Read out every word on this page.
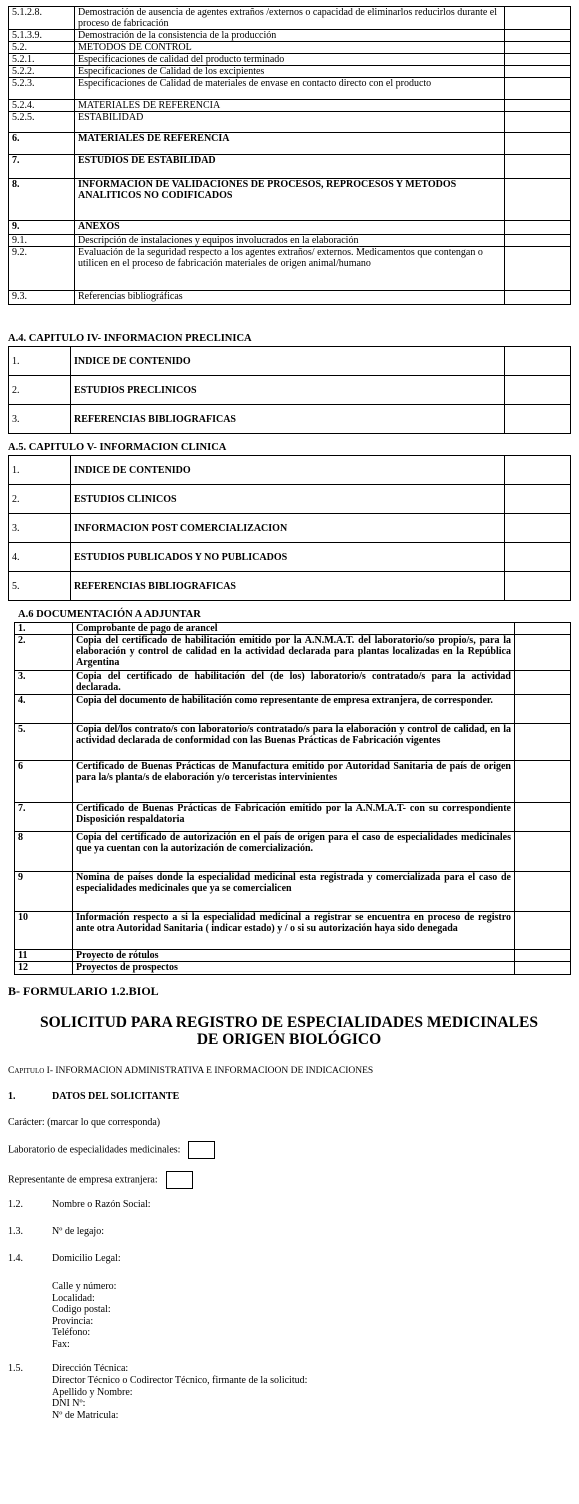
5.1.2.8.	Demostración de ausencia de agentes extraños /externos o capacidad de eliminarlos reducirlos durante el proceso de fabricación	
5.1.3.9.	Demostración de la consistencia de la producción	
5.2.	METODOS DE CONTROL	
5.2.1.	Especificaciones de calidad del producto terminado	
5.2.2.	Especificaciones de Calidad de los excipientes	
5.2.3.	Especificaciones de Calidad de materiales de envase en contacto directo con el producto	
5.2.4.	MATERIALES DE REFERENCIA	
5.2.5.	ESTABILIDAD	
6.	MATERIALES DE REFERENCIA	
7.	ESTUDIOS DE ESTABILIDAD	
8.	INFORMACION DE VALIDACIONES DE PROCESOS, REPROCESOS Y METODOS ANALITICOS NO CODIFICADOS	
9.	ANEXOS	
9.1.	Descripción de instalaciones y equipos involucrados en la elaboración	
9.2.	Evaluación de la seguridad respecto a los agentes extraños/ externos. Medicamentos que contengan o utilicen en el proceso de fabricación materiales de origen animal/humano	
9.3.	Referencias bibliográficas	
A.4. CAPITULO IV- INFORMACION PRECLINICA
1.	INDICE DE CONTENIDO	
2.	ESTUDIOS PRECLINICOS	
3.	REFERENCIAS BIBLIOGRAFICAS	
A.5. CAPITULO V- INFORMACION CLINICA
1.	INDICE DE CONTENIDO	
2.	ESTUDIOS CLINICOS	
3.	INFORMACION POST COMERCIALIZACION	
4.	ESTUDIOS PUBLICADOS Y NO PUBLICADOS	
5.	REFERENCIAS BIBLIOGRAFICAS	
A.6 DOCUMENTACIÓN A ADJUNTAR
1.	Comprobante de pago de arancel	
2.	Copia del certificado de habilitación emitido por la A.N.M.A.T. del laboratorio/so propio/s, para la elaboración y control de calidad en la actividad declarada para plantas localizadas en la República Argentina	
3.	Copia del certificado de habilitación del (de los) laboratorio/s contratado/s para la actividad declarada.	
4.	Copia del documento de habilitación como representante de empresa extranjera, de corresponder.	
5.	Copia del/los contrato/s con laboratorio/s contratado/s para la elaboración y control de calidad, en la actividad declarada de conformidad con las Buenas Prácticas de Fabricación vigentes	
6	Certificado de Buenas Prácticas de Manufactura emitido por Autoridad Sanitaria de país de origen para la/s planta/s de elaboración y/o terceristas intervinientes	
7.	Certificado de Buenas Prácticas de Fabricación emitido por la A.N.M.A.T- con su correspondiente Disposición respaldatoria	
8	Copia del certificado de autorización en el país de origen para el caso de especialidades medicinales que ya cuentan con la autorización de comercialización.	
9	Nomina de países donde la especialidad medicinal esta registrada y comercializada para el caso de especialidades medicinales que ya se comercialicen	
10	Información respecto a si la especialidad medicinal a registrar se encuentra en proceso de registro ante otra Autoridad Sanitaria ( indicar estado) y / o si su autorización haya sido denegada	
11	Proyecto de rótulos	
12	Proyectos de prospectos	
B- FORMULARIO 1.2.BIOL
SOLICITUD PARA REGISTRO DE ESPECIALIDADES MEDICINALES
DE ORIGEN BIOLÓGICO
Capitulo I- INFORMACION ADMINISTRATIVA E INFORMACIOON DE INDICACIONES
1.	DATOS DEL SOLICITANTE
Carácter: (marcar lo que corresponda)
Laboratorio de especialidades medicinales:
Representante de empresa extranjera:
1.2.	Nombre o Razón Social:
1.3.	Nº de legajo:
1.4.	Domicilio Legal:
Calle y número:
Localidad:
Codigo postal:
Provincia:
Teléfono:
Fax:
1.5.	Dirección Técnica:
Director Técnico o Codirector Técnico, firmante de la solicitud:
Apellido y Nombre:
DNI Nº:
Nº de Matricula:
